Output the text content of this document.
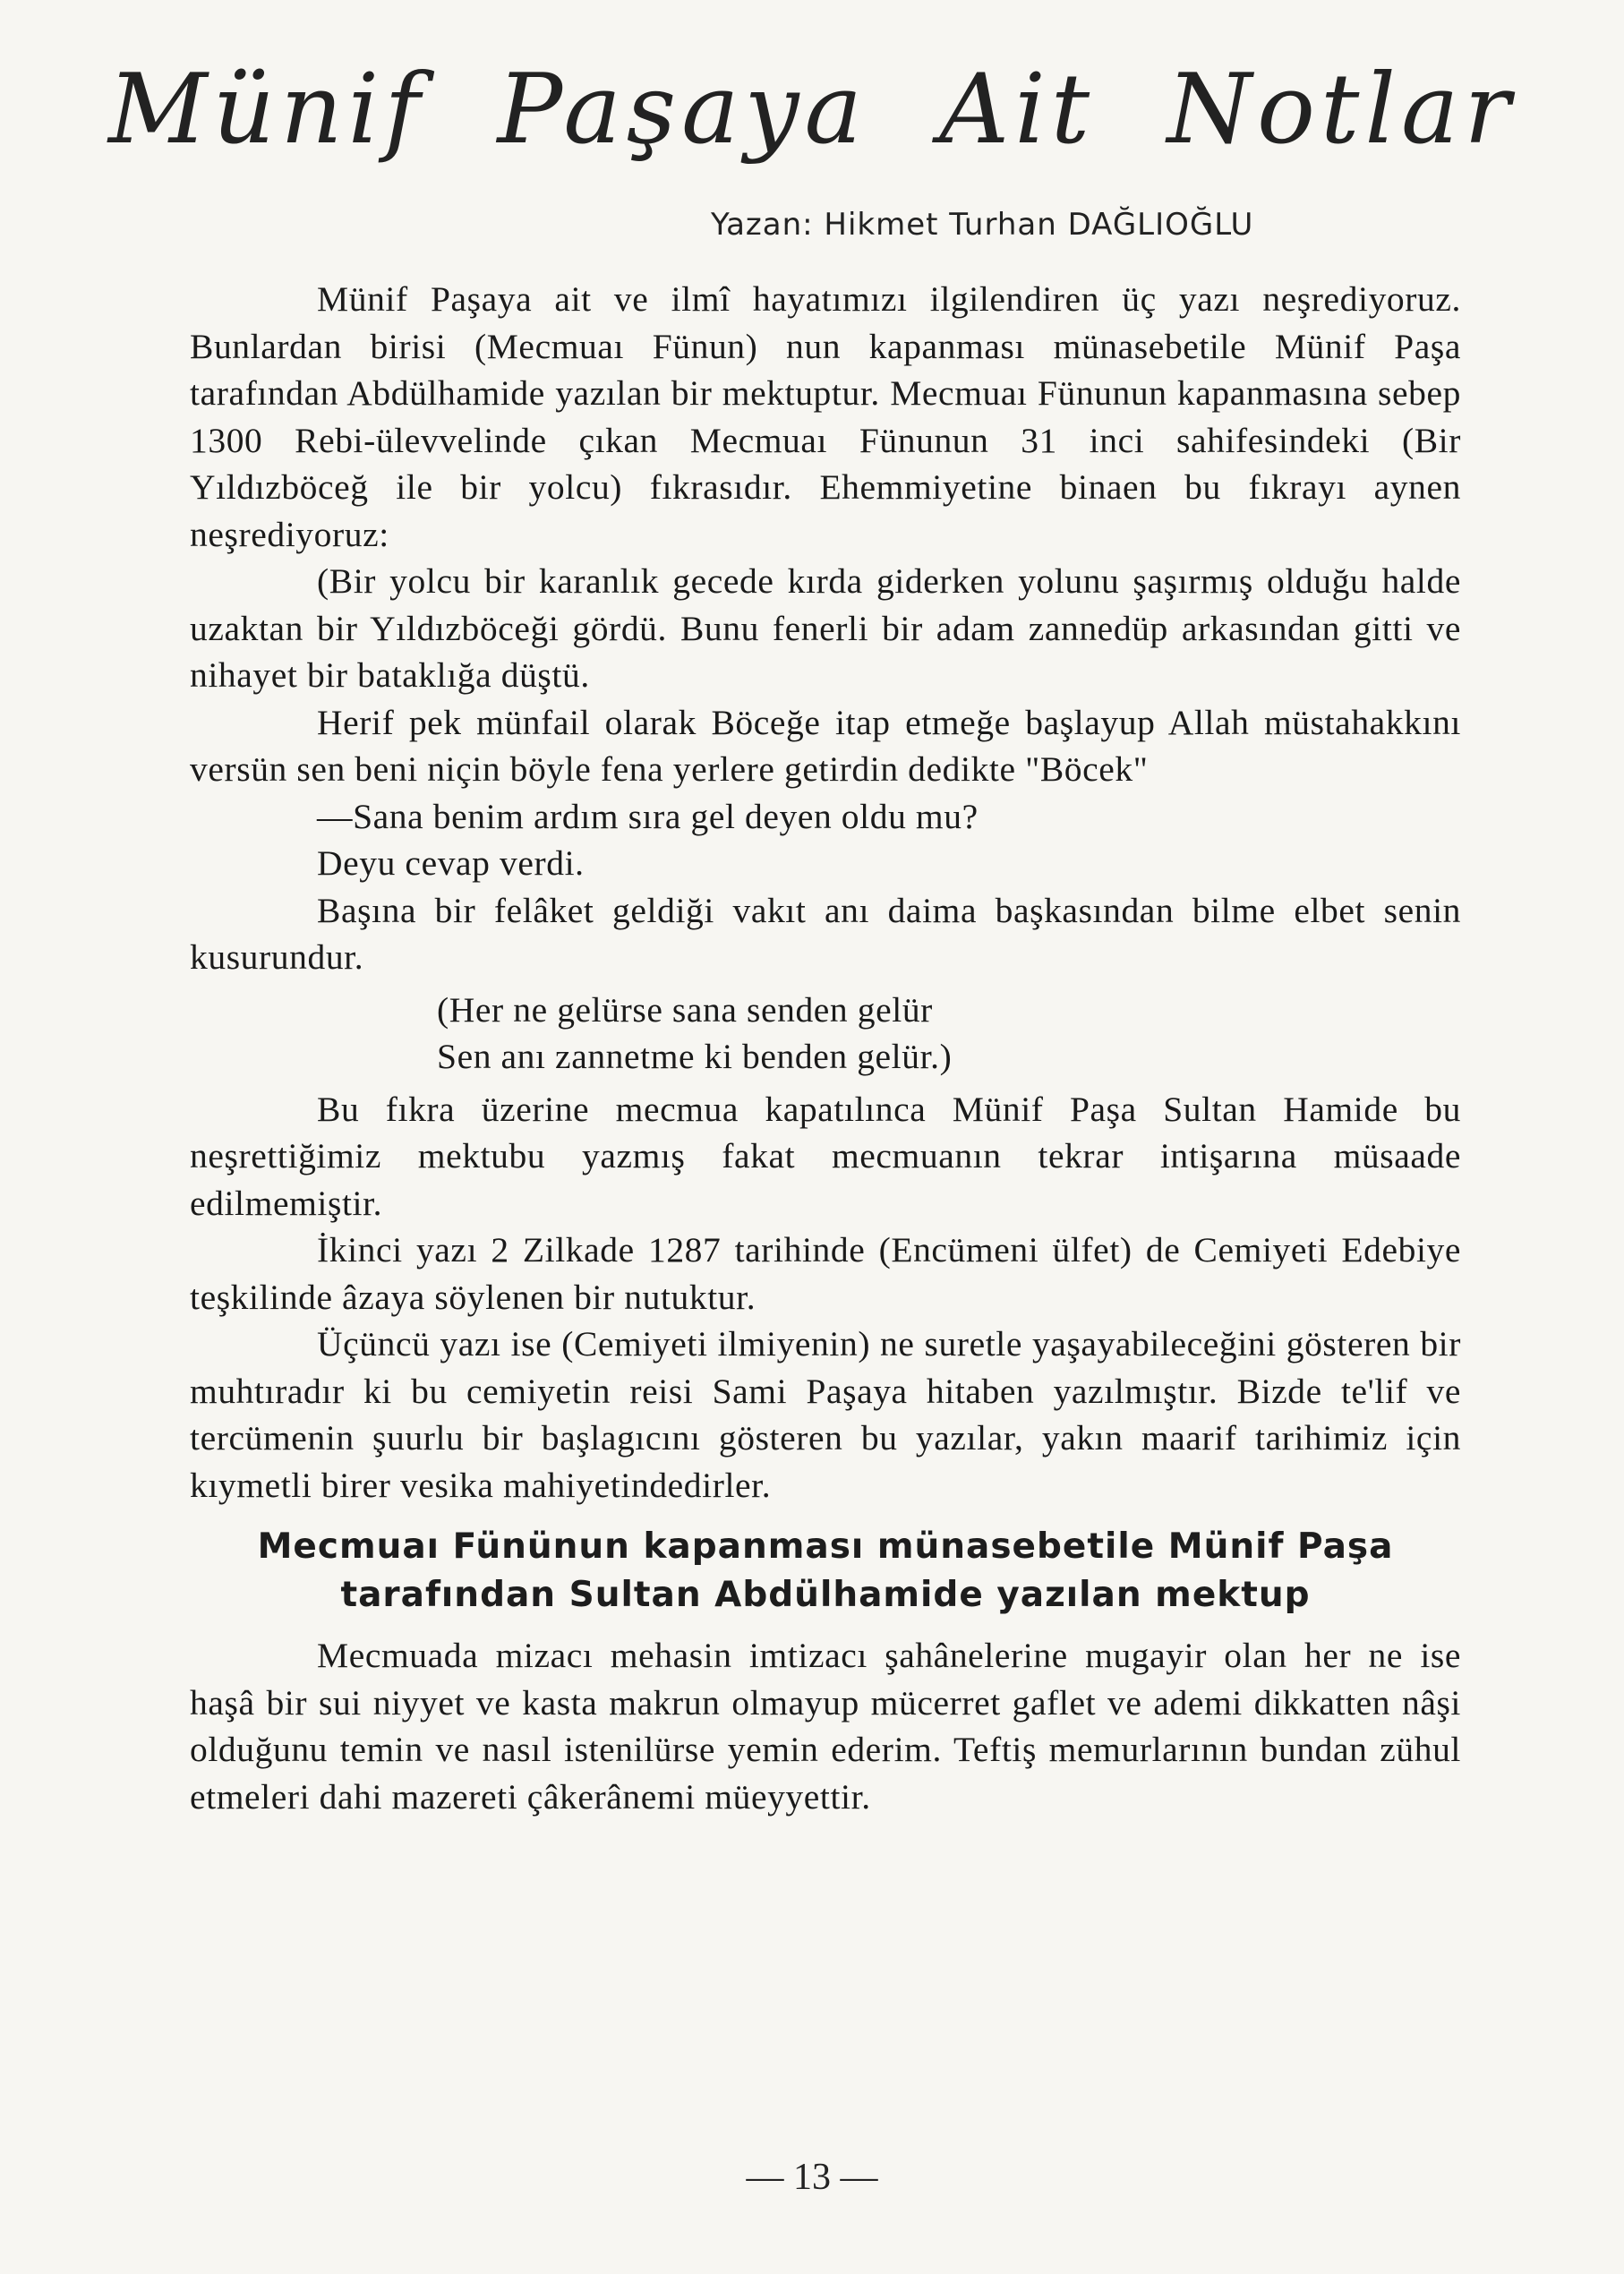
Münif Paşaya Ait Notlar
Yazan: Hikmet Turhan DAĞLIOĞLU

Münif Paşaya ait ve ilmî hayatımızı ilgilendiren üç yazı neşrediyoruz. Bunlardan birisi (Mecmuaı Fünun) nun kapanması münasebetile Münif Paşa tarafından Abdülhamide yazılan bir mektuptur. Mecmuaı Fünunun kapanmasına sebep 1300 Rebi-ülevvelinde çıkan Mecmuaı Fünunun 31 inci sahifesindeki (Bir Yıldızböceğ ile bir yolcu) fıkrasıdır. Ehemmiyetine binaen bu fıkrayı aynen neşrediyoruz:

(Bir yolcu bir karanlık gecede kırda giderken yolunu şaşırmış olduğu halde uzaktan bir Yıldızböceği gördü. Bunu fenerli bir adam zannedüp arkasından gitti ve nihayet bir bataklığa düştü.

Herif pek münfail olarak Böceğe itap etmeğe başlayup Allah müstahakkını versün sen beni niçin böyle fena yerlere getirdin dedikte "Böcek"

—Sana benim ardım sıra gel deyen oldu mu?

Deyu cevap verdi.

Başına bir felâket geldiği vakıt anı daima başkasından bilme elbet senin kusurundur.

(Her ne gelürse sana senden gelür
Sen anı zannetme ki benden gelür.)

Bu fıkra üzerine mecmua kapatılınca Münif Paşa Sultan Hamide bu neşrettiğimiz mektubu yazmış fakat mecmuanın tekrar intişarına müsaade edilmemiştir.

İkinci yazı 2 Zilkade 1287 tarihinde (Encümeni ülfet) de Cemiyeti Edebiye teşkilinde âzaya söylenen bir nutuktur.

Üçüncü yazı ise (Cemiyeti ilmiyenin) ne suretle yaşayabileceğini gösteren bir muhtıradır ki bu cemiyetin reisi Sami Paşaya hitaben yazılmıştır. Bizde te'lif ve tercümenin şuurlu bir başlagıcını gösteren bu yazılar, yakın maarif tarihimiz için kıymetli birer vesika mahiyetindedirler.

Mecmuaı Fününun kapanması münasebetile Münif Paşa
tarafından Sultan Abdülhamide yazılan mektup

Mecmuada mizacı mehasin imtizacı şahânelerine mugayir olan her ne ise haşâ bir sui niyyet ve kasta makrun olmayup mücerret gaflet ve ademi dikkatten nâşi olduğunu temin ve nasıl istenilürse yemin ederim. Teftiş memurlarının bundan zühul etmeleri dahi mazereti çâkerânemi müeyyettir.

— 13 —
